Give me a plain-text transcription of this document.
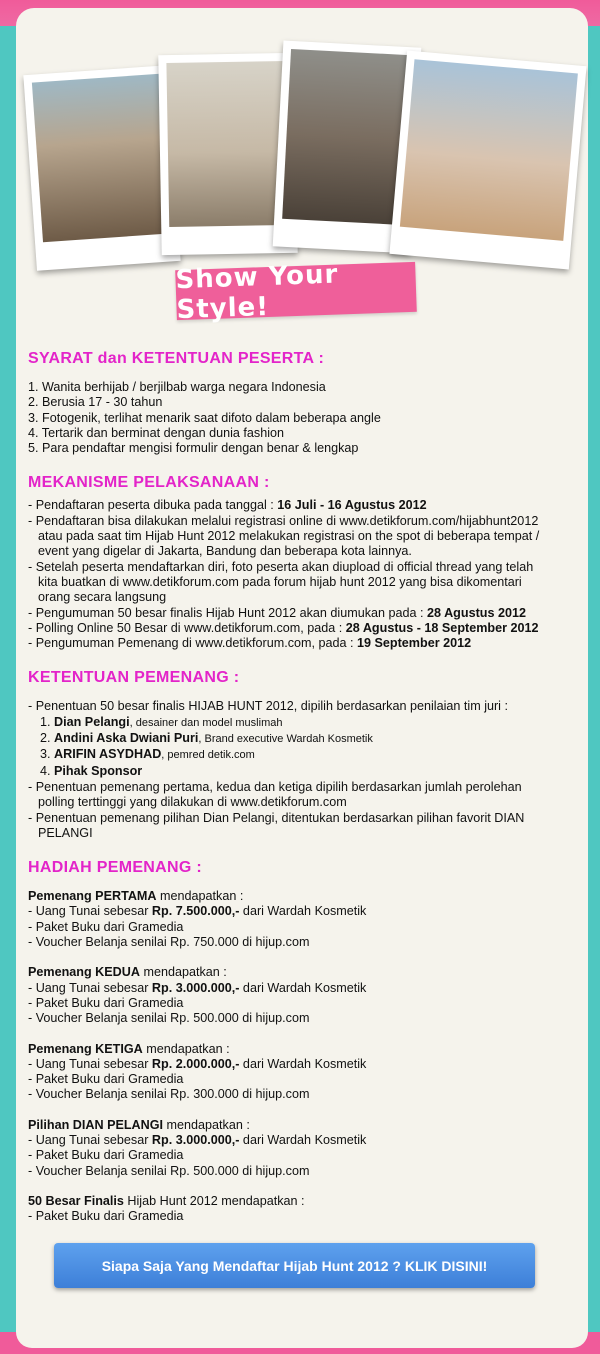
Show Your Style!
SYARAT dan KETENTUAN PESERTA :
1. Wanita berhijab / berjilbab warga negara Indonesia
2. Berusia 17 - 30 tahun
3. Fotogenik, terlihat menarik saat difoto dalam beberapa angle
4. Tertarik dan berminat dengan dunia fashion
5. Para pendaftar mengisi formulir dengan benar & lengkap
MEKANISME PELAKSANAAN :
- Pendaftaran peserta dibuka pada tanggal : 16 Juli - 16 Agustus 2012
- Pendaftaran bisa dilakukan melalui registrasi online di www.detikforum.com/hijabhunt2012
atau pada saat tim Hijab Hunt 2012 melakukan registrasi on the spot di beberapa tempat /
event yang digelar di Jakarta, Bandung dan beberapa kota lainnya.
- Setelah peserta mendaftarkan diri, foto peserta akan diupload di official thread yang telah
kita buatkan di www.detikforum.com pada forum hijab hunt 2012 yang bisa dikomentari
orang secara langsung
- Pengumuman 50 besar finalis Hijab Hunt 2012 akan diumukan pada : 28 Agustus 2012
- Polling Online 50 Besar di www.detikforum.com, pada : 28 Agustus - 18 September 2012
- Pengumuman Pemenang di www.detikforum.com, pada : 19 September 2012
KETENTUAN PEMENANG :
- Penentuan 50 besar finalis HIJAB HUNT 2012, dipilih berdasarkan penilaian tim juri :
1. Dian Pelangi, desainer dan model muslimah
2. Andini Aska Dwiani Puri, Brand executive Wardah Kosmetik
3. ARIFIN ASYDHAD, pemred detik.com
4. Pihak Sponsor
- Penentuan pemenang pertama, kedua dan ketiga dipilih berdasarkan jumlah perolehan
polling terttinggi yang dilakukan di www.detikforum.com
- Penentuan pemenang pilihan Dian Pelangi, ditentukan berdasarkan pilihan favorit DIAN
PELANGI
HADIAH PEMENANG :
Pemenang PERTAMA mendapatkan :
- Uang Tunai sebesar Rp. 7.500.000,- dari Wardah Kosmetik
- Paket Buku dari Gramedia
- Voucher Belanja senilai Rp. 750.000 di hijup.com
Pemenang KEDUA mendapatkan :
- Uang Tunai sebesar Rp. 3.000.000,- dari Wardah Kosmetik
- Paket Buku dari Gramedia
- Voucher Belanja senilai Rp. 500.000 di hijup.com
Pemenang KETIGA mendapatkan :
- Uang Tunai sebesar Rp. 2.000.000,- dari Wardah Kosmetik
- Paket Buku dari Gramedia
- Voucher Belanja senilai Rp. 300.000 di hijup.com
Pilihan DIAN PELANGI mendapatkan :
- Uang Tunai sebesar Rp. 3.000.000,- dari Wardah Kosmetik
- Paket Buku dari Gramedia
- Voucher Belanja senilai Rp. 500.000 di hijup.com
50 Besar Finalis Hijab Hunt 2012 mendapatkan :
- Paket Buku dari Gramedia
Siapa Saja Yang Mendaftar Hijab Hunt 2012 ? KLIK DISINI!
